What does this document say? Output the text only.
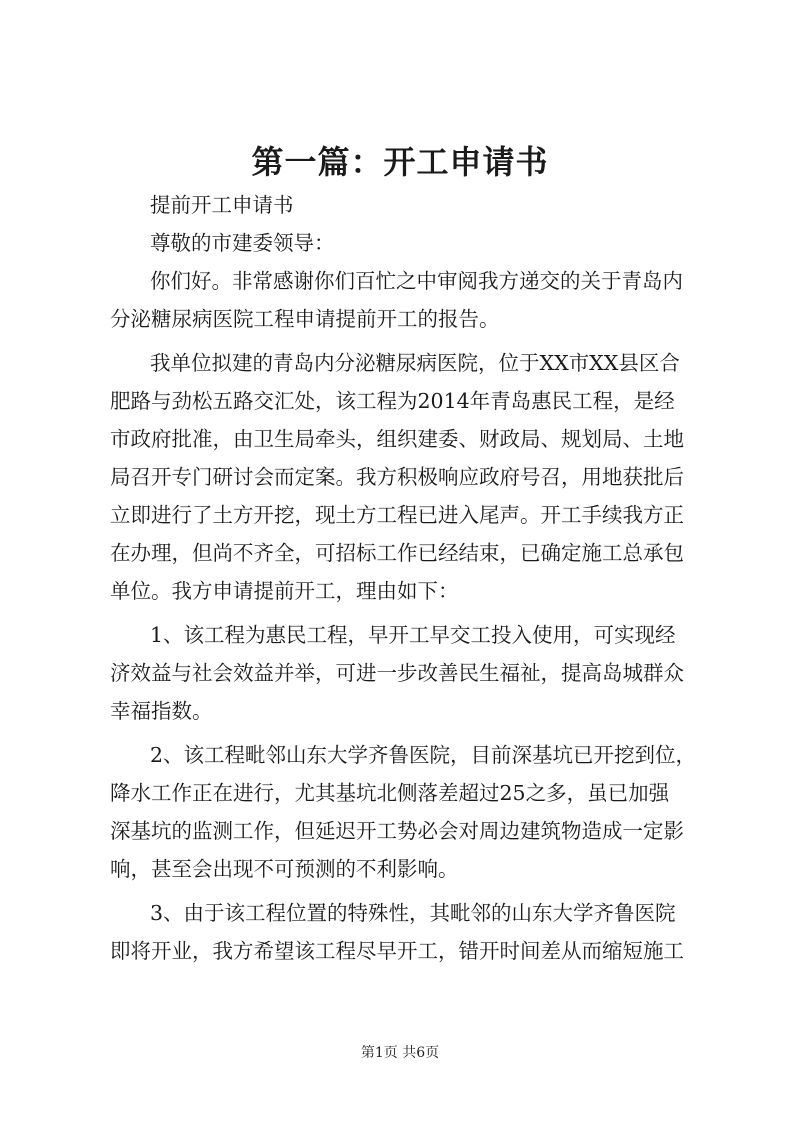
第一篇：开工申请书
提前开工申请书
尊敬的市建委领导：
你们好。非常感谢你们百忙之中审阅我方递交的关于青岛内
分泌糖尿病医院工程申请提前开工的报告。
我单位拟建的青岛内分泌糖尿病医院，位于XX市XX县区合
肥路与劲松五路交汇处，该工程为2014年青岛惠民工程，是经
市政府批准，由卫生局牵头，组织建委、财政局、规划局、土地
局召开专门研讨会而定案。我方积极响应政府号召，用地获批后
立即进行了土方开挖，现土方工程已进入尾声。开工手续我方正
在办理，但尚不齐全，可招标工作已经结束，已确定施工总承包
单位。我方申请提前开工，理由如下：
1、该工程为惠民工程，早开工早交工投入使用，可实现经
济效益与社会效益并举，可进一步改善民生福祉，提高岛城群众
幸福指数。
2、该工程毗邻山东大学齐鲁医院，目前深基坑已开挖到位，
降水工作正在进行，尤其基坑北侧落差超过25之多，虽已加强
深基坑的监测工作，但延迟开工势必会对周边建筑物造成一定影
响，甚至会出现不可预测的不利影响。
3、由于该工程位置的特殊性，其毗邻的山东大学齐鲁医院
即将开业，我方希望该工程尽早开工，错开时间差从而缩短施工
第1页 共6页
